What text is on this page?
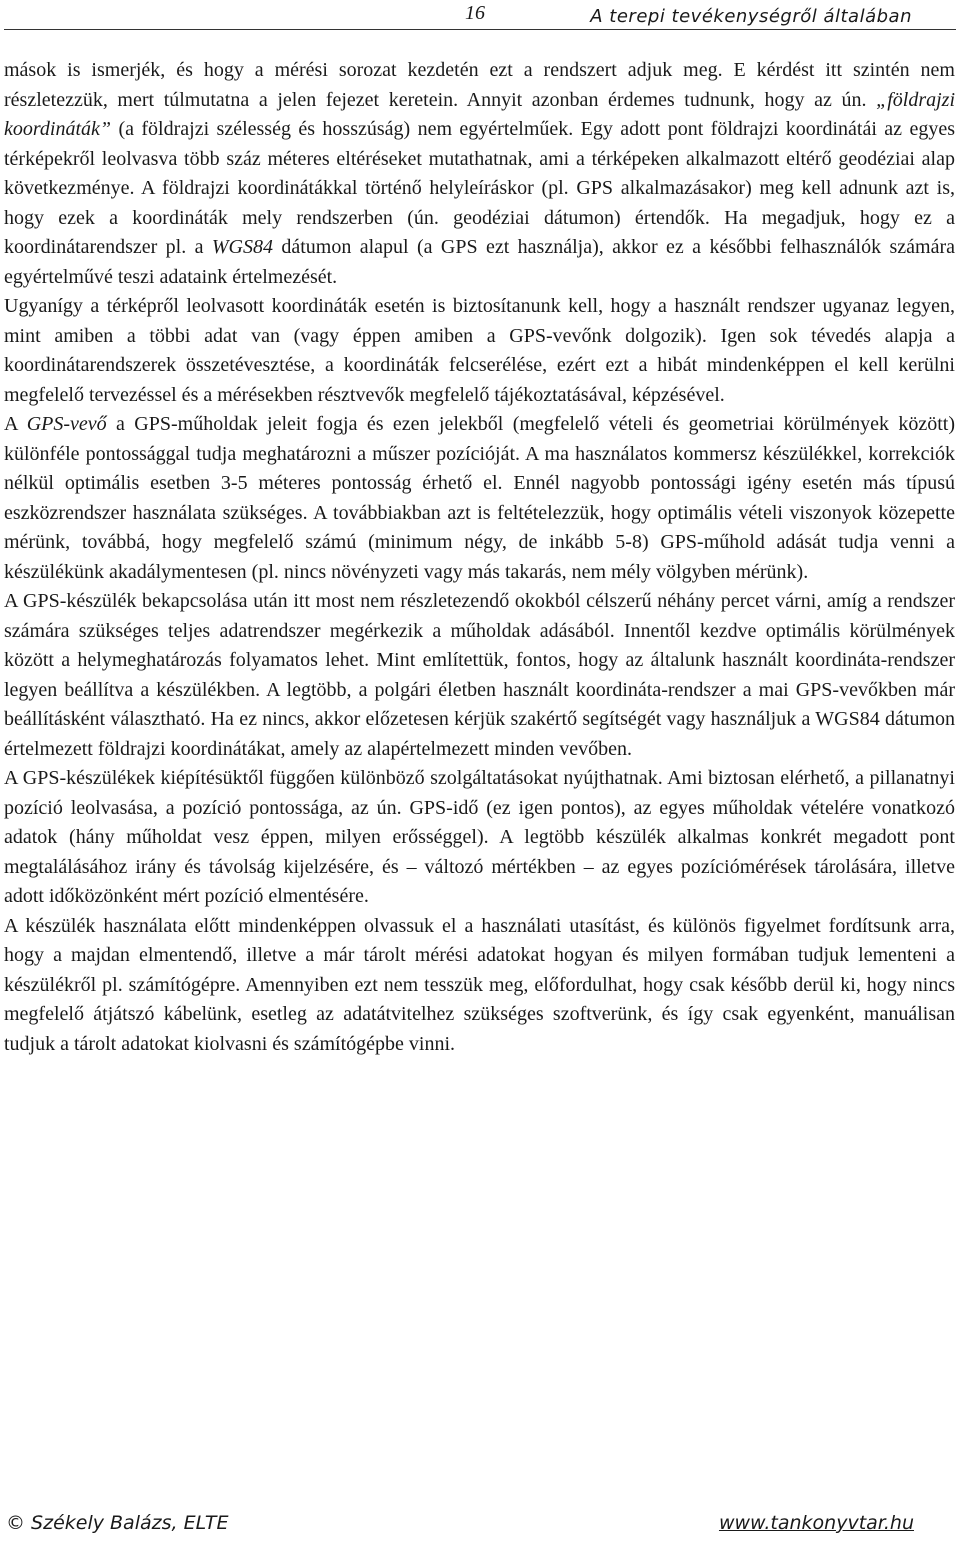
16	A terepi tevékenységről általában

mások is ismerjék, és hogy a mérési sorozat kezdetén ezt a rendszert adjuk meg. E kérdést itt szintén nem részletezzük, mert túlmutatna a jelen fejezet keretein. Annyit azonban érdemes tudnunk, hogy az ún. „földrajzi koordináták” (a földrajzi szélesség és hosszúság) nem egyértelműek. Egy adott pont földrajzi koordinátái az egyes térképekről leolvasva több száz méteres eltéréseket mutathatnak, ami a térképeken alkalmazott eltérő geodéziai alap következménye. A földrajzi koordinátákkal történő helyleíráskor (pl. GPS alkalmazásakor) meg kell adnunk azt is, hogy ezek a koordináták mely rendszerben (ún. geodéziai dátumon) értendők. Ha megadjuk, hogy ez a koordinátarendszer pl. a WGS84 dátumon alapul (a GPS ezt használja), akkor ez a későbbi felhasználók számára egyértelművé teszi adataink értelmezését.

Ugyanígy a térképről leolvasott koordináták esetén is biztosítanunk kell, hogy a használt rendszer ugyanaz legyen, mint amiben a többi adat van (vagy éppen amiben a GPS-vevőnk dolgozik). Igen sok tévedés alapja a koordinátarendszerek összetévesztése, a koordináták felcserélése, ezért ezt a hibát mindenképpen el kell kerülni megfelelő tervezéssel és a mérésekben résztvevők megfelelő tájékoztatásával, képzésével.

A GPS-vevő a GPS-műholdak jeleit fogja és ezen jelekből (megfelelő vételi és geometriai körülmények között) különféle pontossággal tudja meghatározni a műszer pozícióját. A ma használatos kommersz készülékkel, korrekciók nélkül optimális esetben 3-5 méteres pontosság érhető el. Ennél nagyobb pontossági igény esetén más típusú eszközrendszer használata szükséges. A továbbiakban azt is feltételezzük, hogy optimális vételi viszonyok közepette mérünk, továbbá, hogy megfelelő számú (minimum négy, de inkább 5-8) GPS-műhold adását tudja venni a készülékünk akadálymentesen (pl. nincs növényzeti vagy más takarás, nem mély völgyben mérünk).

A GPS-készülék bekapcsolása után itt most nem részletezendő okokból célszerű néhány percet várni, amíg a rendszer számára szükséges teljes adatrendszer megérkezik a műholdak adásából. Innentől kezdve optimális körülmények között a helymeghatározás folyamatos lehet. Mint említettük, fontos, hogy az általunk használt koordináta-rendszer legyen beállítva a készülékben. A legtöbb, a polgári életben használt koordináta-rendszer a mai GPS-vevőkben már beállításként választható. Ha ez nincs, akkor előzetesen kérjük szakértő segítségét vagy használjuk a WGS84 dátumon értelmezett földrajzi koordinátákat, amely az alapértelmezett minden vevőben.

A GPS-készülékek kiépítésüktől függően különböző szolgáltatásokat nyújthatnak. Ami biztosan elérhető, a pillanatnyi pozíció leolvasása, a pozíció pontossága, az ún. GPS-idő (ez igen pontos), az egyes műholdak vételére vonatkozó adatok (hány műholdat vesz éppen, milyen erősséggel). A legtöbb készülék alkalmas konkrét megadott pont megtalálásához irány és távolság kijelzésére, és – változó mértékben – az egyes pozíciómérések tárolására, illetve adott időközönként mért pozíció elmentésére.

A készülék használata előtt mindenképpen olvassuk el a használati utasítást, és különös figyelmet fordítsunk arra, hogy a majdan elmentendő, illetve a már tárolt mérési adatokat hogyan és milyen formában tudjuk lementeni a készülékről pl. számítógépre. Amennyiben ezt nem tesszük meg, előfordulhat, hogy csak később derül ki, hogy nincs megfelelő átjátszó kábelünk, esetleg az adatátvitelhez szükséges szoftverünk, és így csak egyenként, manuálisan tudjuk a tárolt adatokat kiolvasni és számítógépbe vinni.

© Székely Balázs, ELTE	www.tankonyvtar.hu
